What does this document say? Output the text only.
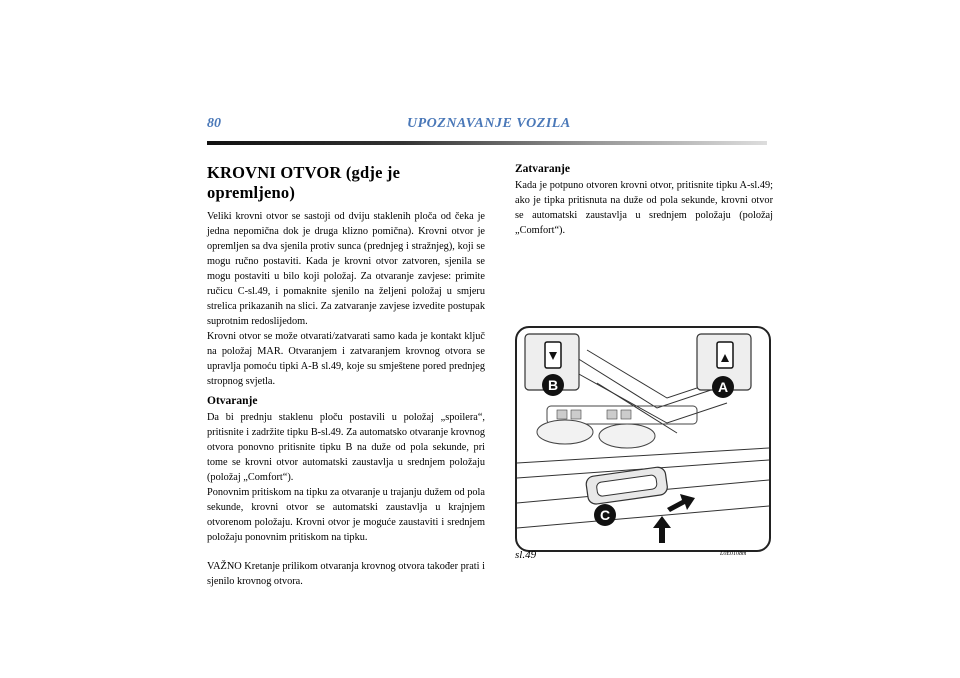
80	UPOZNAVANJE VOZILA
KROVNI OTVOR (gdje je opremljeno)

Veliki krovni otvor se sastoji od dviju staklenih ploča od čeka je jedna nepomična dok je druga klizno pomična). Krovni otvor je opremljen sa dva sjenila protiv sunca (prednjeg i stražnjeg), koji se mogu ručno postaviti. Kada je krovni otvor zatvoren, sjenila se mogu postaviti u bilo koji položaj. Za otvaranje zavjese: primite ručicu C-sl.49, i pomaknite sjenilo na željeni položaj u smjeru strelica prikazanih na slici. Za zatvaranje zavjese izvedite postupak suprotnim redoslijedom.

Krovni otvor se može otvarati/zatvarati samo kada je kontakt ključ na položaj MAR. Otvaranjem i zatvaranjem krovnog otvora se upravlja pomoću tipki A-B sl.49, koje su smještene pored prednjeg stropnog svjetla.

Otvaranje

Da bi prednju staklenu ploču postavili u položaj „spoilera“, pritisnite i zadržite tipku B-sl.49. Za automatsko otvaranje krovnog otvora ponovno pritisnite tipku B na duže od pola sekunde, pri tome se krovni otvor automatski zaustavlja u srednjem položaju (položaj „Comfort“).

Ponovnim pritiskom na tipku za otvaranje u trajanju dužem od pola sekunde, krovni otvor se automatski zaustavlja u krajnjem otvorenom položaju. Krovni otvor je moguće zaustaviti i srednjem položaju ponovnim pritiskom na tipku.

VAŽNO Kretanje prilikom otvaranja krovnog otvora također prati i sjenilo krovnog otvora.

Zatvaranje

Kada je potpuno otvoren krovni otvor, pritisnite tipku A-sl.49; ako je tipka pritisnuta na duže od pola sekunde, krovni otvor se automatski zaustavlja u srednjem položaju (položaj „Comfort“).

B	A
C
sl.49	L0E0108m
